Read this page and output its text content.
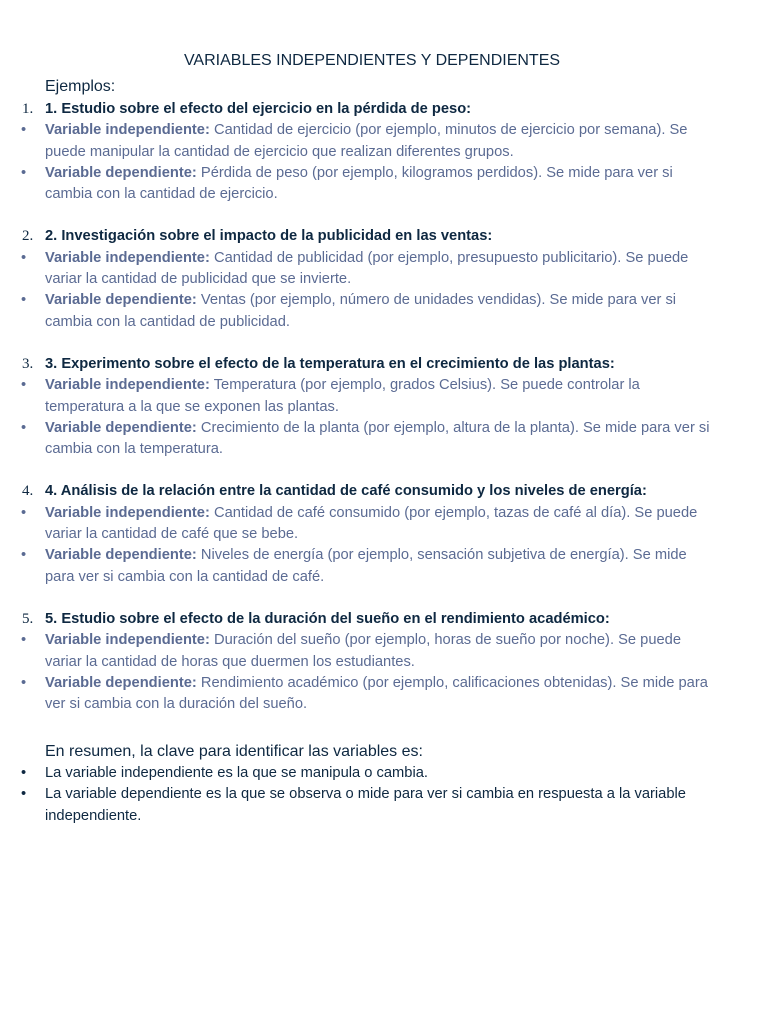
VARIABLES INDEPENDIENTES Y DEPENDIENTES
Ejemplos:
1. 1. Estudio sobre el efecto del ejercicio en la pérdida de peso:
• Variable independiente: Cantidad de ejercicio (por ejemplo, minutos de ejercicio por semana). Se puede manipular la cantidad de ejercicio que realizan diferentes grupos.
• Variable dependiente: Pérdida de peso (por ejemplo, kilogramos perdidos). Se mide para ver si cambia con la cantidad de ejercicio.
2. 2. Investigación sobre el impacto de la publicidad en las ventas:
• Variable independiente: Cantidad de publicidad (por ejemplo, presupuesto publicitario). Se puede variar la cantidad de publicidad que se invierte.
• Variable dependiente: Ventas (por ejemplo, número de unidades vendidas). Se mide para ver si cambia con la cantidad de publicidad.
3. 3. Experimento sobre el efecto de la temperatura en el crecimiento de las plantas:
• Variable independiente: Temperatura (por ejemplo, grados Celsius). Se puede controlar la temperatura a la que se exponen las plantas.
• Variable dependiente: Crecimiento de la planta (por ejemplo, altura de la planta). Se mide para ver si cambia con la temperatura.
4. 4. Análisis de la relación entre la cantidad de café consumido y los niveles de energía:
• Variable independiente: Cantidad de café consumido (por ejemplo, tazas de café al día). Se puede variar la cantidad de café que se bebe.
• Variable dependiente: Niveles de energía (por ejemplo, sensación subjetiva de energía). Se mide para ver si cambia con la cantidad de café.
5. 5. Estudio sobre el efecto de la duración del sueño en el rendimiento académico:
• Variable independiente: Duración del sueño (por ejemplo, horas de sueño por noche). Se puede variar la cantidad de horas que duermen los estudiantes.
• Variable dependiente: Rendimiento académico (por ejemplo, calificaciones obtenidas). Se mide para ver si cambia con la duración del sueño.
En resumen, la clave para identificar las variables es:
• La variable independiente es la que se manipula o cambia.
• La variable dependiente es la que se observa o mide para ver si cambia en respuesta a la variable independiente.
